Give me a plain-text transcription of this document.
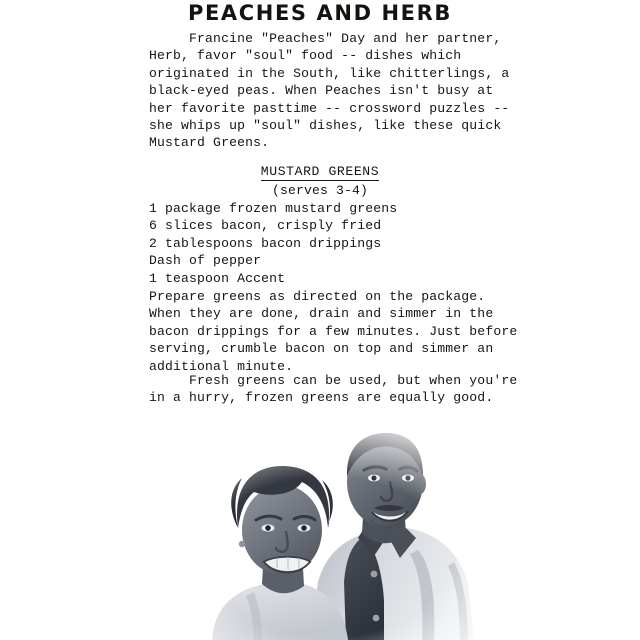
PEACHES AND HERB
Francine "Peaches" Day and her partner,
Herb, favor "soul" food -- dishes which
originated in the South, like chitterlings, a
black-eyed peas. When Peaches isn't busy at
her favorite pasttime -- crossword puzzles --
she whips up "soul" dishes, like these quick
Mustard Greens.
MUSTARD GREENS
(serves 3-4)
1 package frozen mustard greens
6 slices bacon, crisply fried
2 tablespoons bacon drippings
Dash of pepper
1 teaspoon Accent
Prepare greens as directed on the package.
When they are done, drain and simmer in the
bacon drippings for a few minutes. Just before
serving, crumble bacon on top and simmer an
additional minute.
Fresh greens can be used, but when you're
in a hurry, frozen greens are equally good.
